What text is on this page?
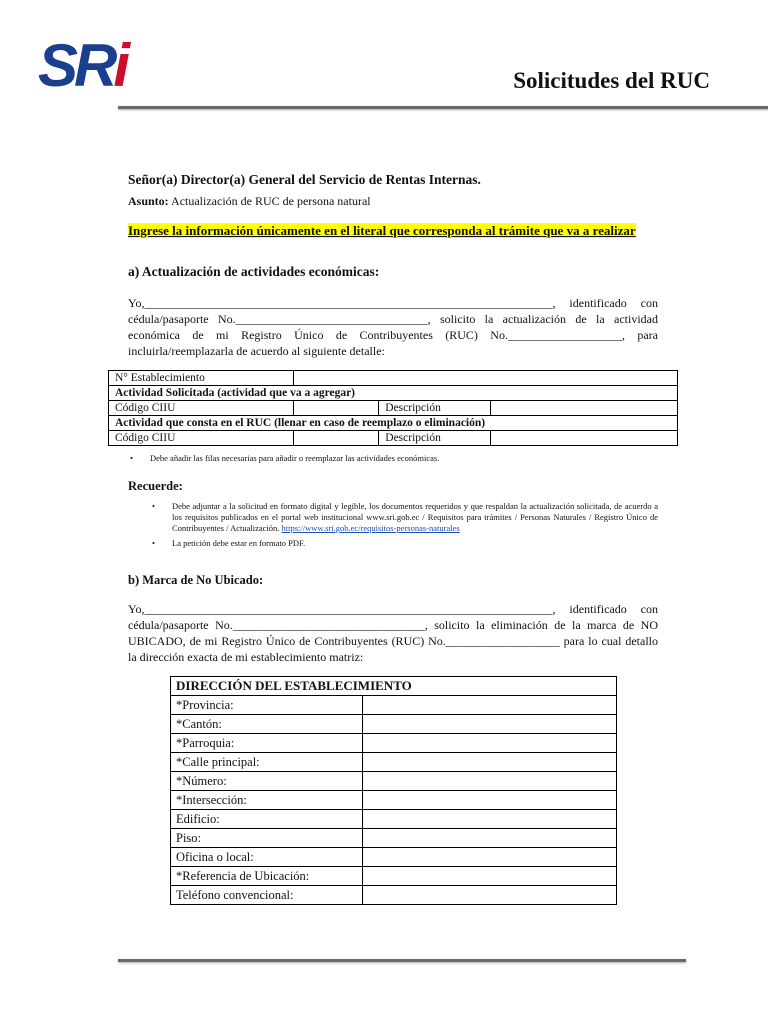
SRi	Solicitudes del RUC
Señor(a) Director(a) General del Servicio de Rentas Internas.
Asunto: Actualización de RUC de persona natural
Ingrese la información únicamente en el literal que corresponda al trámite que va a realizar
a) Actualización de actividades económicas:
Yo,____________________________________________________________________, identificado con cédula/pasaporte No.________________________________, solicito la actualización de la actividad económica de mi Registro Único de Contribuyentes (RUC) No.___________________, para incluirla/reemplazarla de acuerdo al siguiente detalle:
N° Establecimiento			
Actividad Solicitada (actividad que va a agregar)			
Código CIIU		Descripción	
Actividad que consta en el RUC (llenar en caso de reemplazo o eliminación)			
Código CIIU		Descripción	
• Debe añadir las filas necesarias para añadir o reemplazar las actividades económicas.
Recuerde:
• Debe adjuntar a la solicitud en formato digital y legible, los documentos requeridos y que respaldan la actualización solicitada, de acuerdo a los requisitos publicados en el portal web institucional www.sri.gob.ec / Requisitos para trámites / Personas Naturales / Registro Único de Contribuyentes / Actualización. https://www.sri.gob.ec/requisitos-personas-naturales
• La petición debe estar en formato PDF.
b) Marca de No Ubicado:
Yo,____________________________________________________________________, identificado con cédula/pasaporte No.________________________________, solicito la eliminación de la marca de NO UBICADO, de mi Registro Único de Contribuyentes (RUC) No.___________________ para lo cual detallo la dirección exacta de mi establecimiento matriz:
DIRECCIÓN DEL ESTABLECIMIENTO	
*Provincia:	
*Cantón:	
*Parroquia:	
*Calle principal:	
*Número:	
*Intersección:	
Edificio:	
Piso:	
Oficina o local:	
*Referencia de Ubicación:	
Teléfono convencional:	
